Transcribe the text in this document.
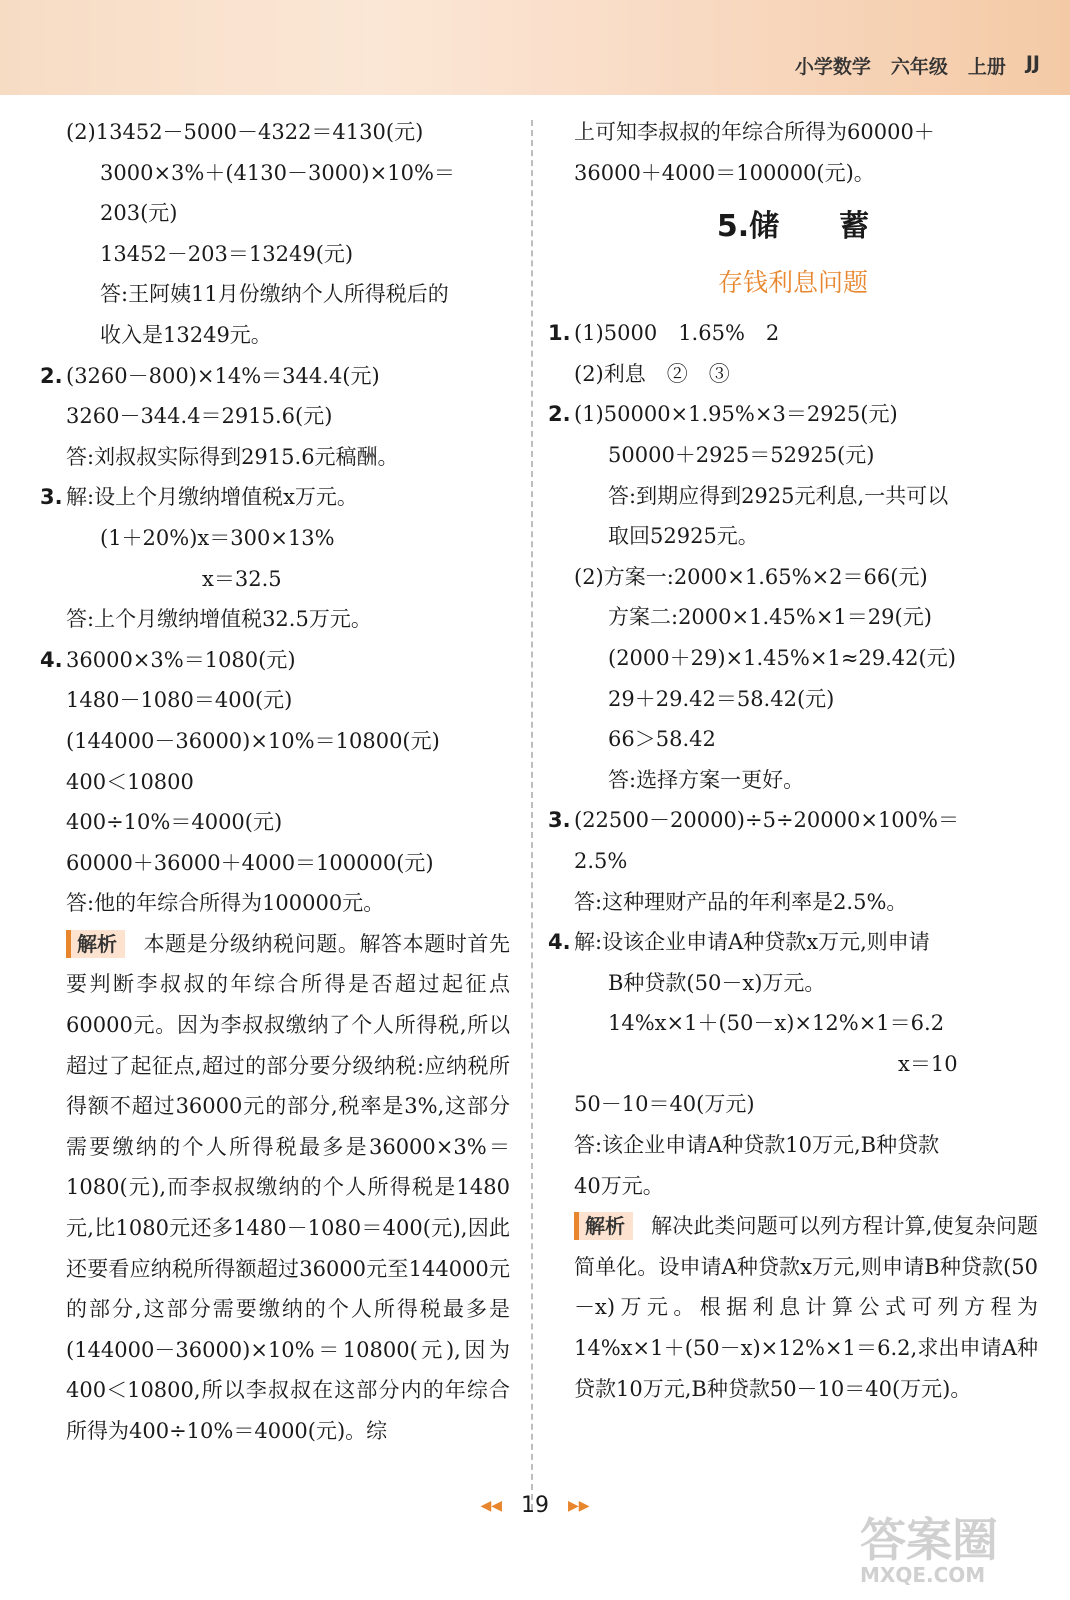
小学数学 六年级 上册 JJ
(2)13452－5000－4322＝4130(元)
3000×3%＋(4130－3000)×10%＝
203(元)
13452－203＝13249(元)
答:王阿姨11月份缴纳个人所得税后的
收入是13249元。
2. (3260－800)×14%＝344.4(元)
3260－344.4＝2915.6(元)
答:刘叔叔实际得到2915.6元稿酬。
3. 解:设上个月缴纳增值税x万元。
(1＋20%)x＝300×13%
x＝32.5
答:上个月缴纳增值税32.5万元。
4. 36000×3%＝1080(元)
1480－1080＝400(元)
(144000－36000)×10%＝10800(元)
400＜10800
400÷10%＝4000(元)
60000＋36000＋4000＝100000(元)
答:他的年综合所得为100000元。
解析 本题是分级纳税问题。解答本题时首先要判断李叔叔的年综合所得是否超过起征点60000元。因为李叔叔缴纳了个人所得税,所以超过了起征点,超过的部分要分级纳税:应纳税所得额不超过36000元的部分,税率是3%,这部分需要缴纳的个人所得税最多是36000×3%＝1080(元),而李叔叔缴纳的个人所得税是1480元,比1080元还多1480－1080＝400(元),因此还要看应纳税所得额超过36000元至144000元的部分,这部分需要缴纳的个人所得税最多是(144000－36000)×10%＝10800(元),因为400＜10800,所以李叔叔在这部分内的年综合所得为400÷10%＝4000(元)。综
上可知李叔叔的年综合所得为60000＋
36000＋4000＝100000(元)。
5.储 蓄
存钱利息问题
1. (1)5000　1.65%　2
(2)利息　②　③
2. (1)50000×1.95%×3＝2925(元)
50000＋2925＝52925(元)
答:到期应得到2925元利息,一共可以
取回52925元。
(2)方案一:2000×1.65%×2＝66(元)
方案二:2000×1.45%×1＝29(元)
(2000＋29)×1.45%×1≈29.42(元)
29＋29.42＝58.42(元)
66＞58.42
答:选择方案一更好。
3. (22500－20000)÷5÷20000×100%＝
2.5%
答:这种理财产品的年利率是2.5%。
4. 解:设该企业申请A种贷款x万元,则申请
B种贷款(50－x)万元。
14%x×1＋(50－x)×12%×1＝6.2
x＝10
50－10＝40(万元)
答:该企业申请A种贷款10万元,B种贷款
40万元。
解析 解决此类问题可以列方程计算,使复杂问题简单化。设申请A种贷款x万元,则申请B种贷款(50－x)万元。根据利息计算公式可列方程为14%x×1＋(50－x)×12%×1＝6.2,求出申请A种贷款10万元,B种贷款50－10＝40(万元)。
◀◀ 19 ▶▶
答案圈
MXQE.COM
